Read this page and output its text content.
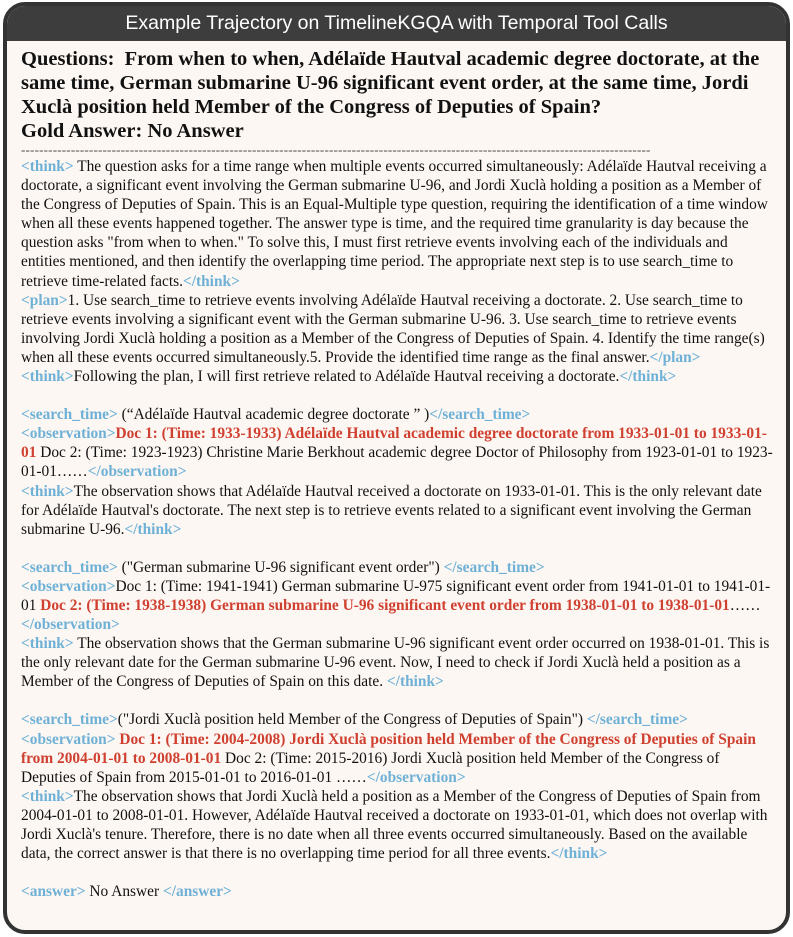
Example Trajectory on TimelineKGQA with Temporal Tool Calls

Questions: From when to when, Adélaïde Hautval academic degree doctorate, at the same time, German submarine U-96 significant event order, at the same time, Jordi Xuclà position held Member of the Congress of Deputies of Spain?

Gold Answer: No Answer

-------------------------------------------------------------------------------------------------------------------------------------------

<think> The question asks for a time range when multiple events occurred simultaneously: Adélaïde Hautval receiving a doctorate, a significant event involving the German submarine U-96, and Jordi Xuclà holding a position as a Member of the Congress of Deputies of Spain. This is an Equal-Multiple type question, requiring the identification of a time window when all these events happened together. The answer type is time, and the required time granularity is day because the question asks "from when to when." To solve this, I must first retrieve events involving each of the individuals and entities mentioned, and then identify the overlapping time period. The appropriate next step is to use search_time to retrieve time-related facts.</think>

<plan>1. Use search_time to retrieve events involving Adélaïde Hautval receiving a doctorate. 2. Use search_time to retrieve events involving a significant event with the German submarine U-96. 3. Use search_time to retrieve events involving Jordi Xuclà holding a position as a Member of the Congress of Deputies of Spain. 4. Identify the time range(s) when all these events occurred simultaneously.5. Provide the identified time range as the final answer.</plan>

<think>Following the plan, I will first retrieve related to Adélaïde Hautval receiving a doctorate.</think>

<search_time> (“Adélaïde Hautval academic degree doctorate ” )</search_time>

<observation>Doc 1: (Time: 1933-1933) Adélaïde Hautval academic degree doctorate from 1933-01-01 to 1933-01-01 Doc 2: (Time: 1923-1923) Christine Marie Berkhout academic degree Doctor of Philosophy from 1923-01-01 to 1923-01-01……</observation>

<think>The observation shows that Adélaïde Hautval received a doctorate on 1933-01-01. This is the only relevant date for Adélaïde Hautval's doctorate. The next step is to retrieve events related to a significant event involving the German submarine U-96.</think>

<search_time> ("German submarine U-96 significant event order") </search_time>

<observation>Doc 1: (Time: 1941-1941) German submarine U-975 significant event order from 1941-01-01 to 1941-01-01 Doc 2: (Time: 1938-1938) German submarine U-96 significant event order from 1938-01-01 to 1938-01-01……</observation>

<think> The observation shows that the German submarine U-96 significant event order occurred on 1938-01-01. This is the only relevant date for the German submarine U-96 event. Now, I need to check if Jordi Xuclà held a position as a Member of the Congress of Deputies of Spain on this date. </think>

<search_time>("Jordi Xuclà position held Member of the Congress of Deputies of Spain") </search_time>

<observation> Doc 1: (Time: 2004-2008) Jordi Xuclà position held Member of the Congress of Deputies of Spain from 2004-01-01 to 2008-01-01 Doc 2: (Time: 2015-2016) Jordi Xuclà position held Member of the Congress of Deputies of Spain from 2015-01-01 to 2016-01-01 ……</observation>

<think>The observation shows that Jordi Xuclà held a position as a Member of the Congress of Deputies of Spain from 2004-01-01 to 2008-01-01. However, Adélaïde Hautval received a doctorate on 1933-01-01, which does not overlap with Jordi Xuclà's tenure. Therefore, there is no date when all three events occurred simultaneously. Based on the available data, the correct answer is that there is no overlapping time period for all three events.</think>

<answer> No Answer </answer>
